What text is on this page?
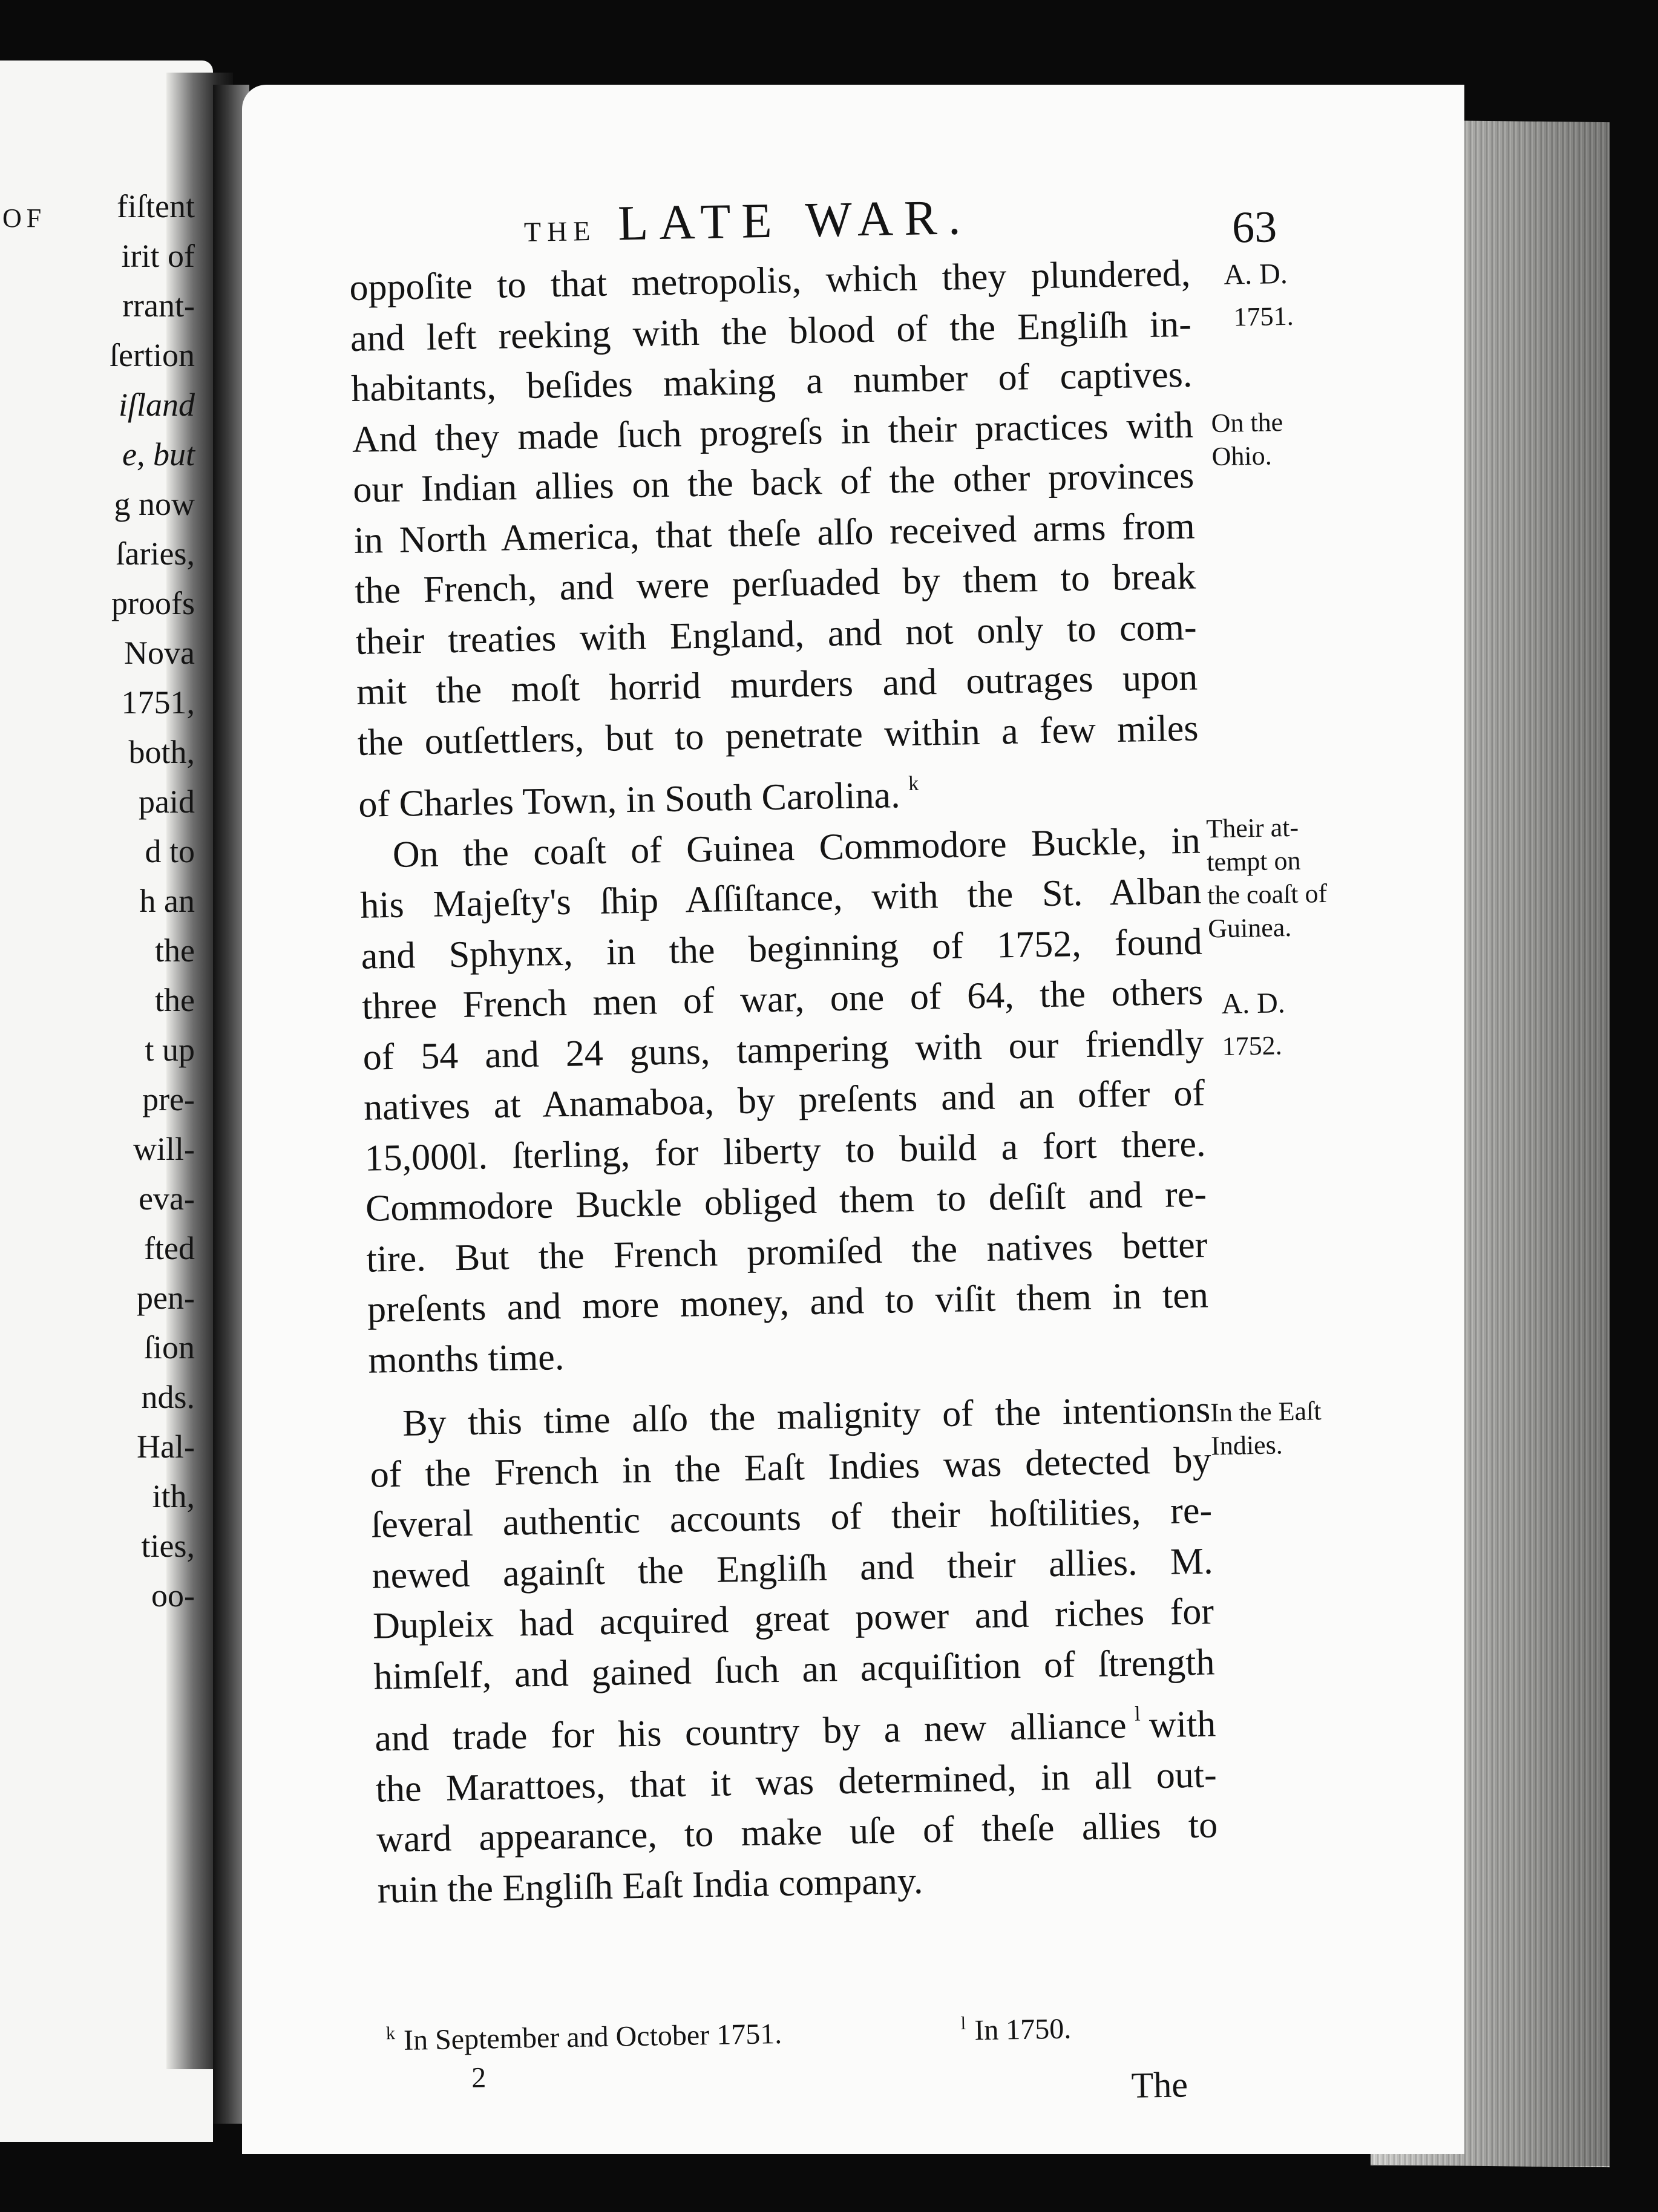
fiſtent
irit of
rrant-
ſertion
iſland
e, but
g now
ſaries,
proofs
Nova
1751,
both,
paid
d to
h an
the
the
t up
pre-
will-
eva-
fted
pen-
ſion
nds.
Hal-
ith,
ties,
oo-
THE LATE WAR.	63
oppoſite to that metropolis, which they plundered,
and left reeking with the blood of the Engliſh in-
habitants, beſides making a number of captives.
And they made ſuch progreſs in their practices with
our Indian allies on the back of the other provinces
in North America, that theſe alſo received arms from
the French, and were perſuaded by them to break
their treaties with England, and not only to com-
mit the moſt horrid murders and outrages upon
the outſettlers, but to penetrate within a few miles
of Charles Town, in South Carolina. $^k$
On the coaſt of Guinea Commodore Buckle, in
his Majeſty's ſhip Aſſiſtance, with the St. Alban
and Sphynx, in the beginning of 1752, found
three French men of war, one of 64, the others
of 54 and 24 guns, tampering with our friendly
natives at Anamaboa, by preſents and an offer of
15,000l. ſterling, for liberty to build a fort there.
Commodore Buckle obliged them to deſiſt and re-
tire. But the French promiſed the natives better
preſents and more money, and to viſit them in ten
months time.
By this time alſo the malignity of the intentions
of the French in the Eaſt Indies was detected by
ſeveral authentic accounts of their hoſtilities, re-
newed againſt the Engliſh and their allies. M.
Dupleix had acquired great power and riches for
himſelf, and gained ſuch an acquiſition of ſtrength
and trade for his country by a new alliance $^l$ with
the Marattoes, that it was determined, in all out-
ward appearance, to make uſe of theſe allies to
ruin the Engliſh Eaſt India company.
A. D.
1751.
On the
Ohio.
Their at-
tempt on
the coaſt of
Guinea.
A. D.
1752.
In the Eaſt
Indies.
$^k$ In September and October 1751.	$^l$ In 1750.
2	The
OF
